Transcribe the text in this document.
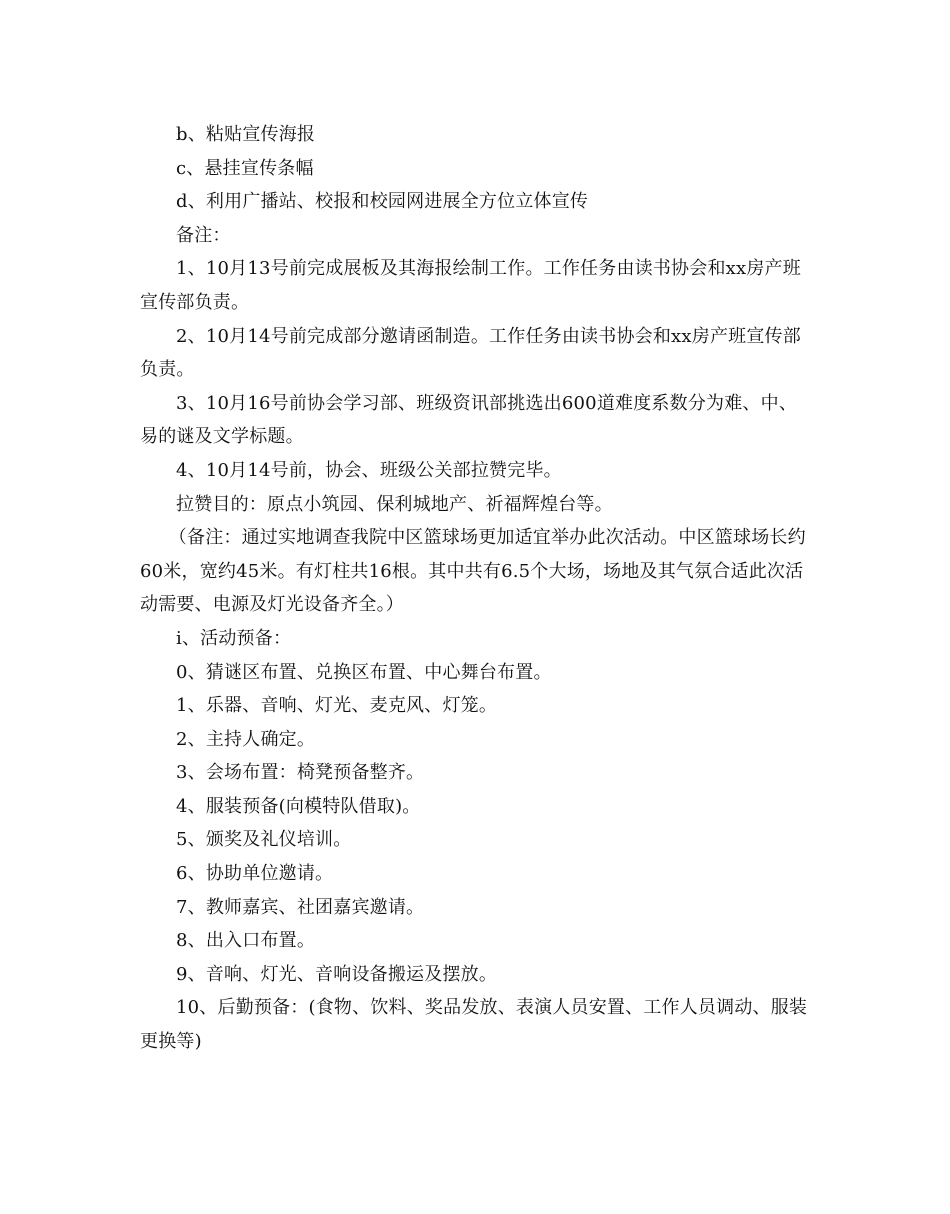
b、粘贴宣传海报

c、悬挂宣传条幅

d、利用广播站、校报和校园网进展全方位立体宣传

备注：

1、10月13号前完成展板及其海报绘制工作。工作任务由读书协会和xx房产班宣传部负责。

2、10月14号前完成部分邀请函制造。工作任务由读书协会和xx房产班宣传部负责。

3、10月16号前协会学习部、班级资讯部挑选出600道难度系数分为难、中、易的谜及文学标题。

4、10月14号前，协会、班级公关部拉赞完毕。

拉赞目的：原点小筑园、保利城地产、祈福辉煌台等。

（备注：通过实地调查我院中区篮球场更加适宜举办此次活动。中区篮球场长约60米，宽约45米。有灯柱共16根。其中共有6.5个大场，场地及其气氛合适此次活动需要、电源及灯光设备齐全。）

i、活动预备：

0、猜谜区布置、兑换区布置、中心舞台布置。

1、乐器、音响、灯光、麦克风、灯笼。

2、主持人确定。

3、会场布置：椅凳预备整齐。

4、服装预备(向模特队借取)。

5、颁奖及礼仪培训。

6、协助单位邀请。

7、教师嘉宾、社团嘉宾邀请。

8、出入口布置。

9、音响、灯光、音响设备搬运及摆放。

10、后勤预备：(食物、饮料、奖品发放、表演人员安置、工作人员调动、服装更换等)
